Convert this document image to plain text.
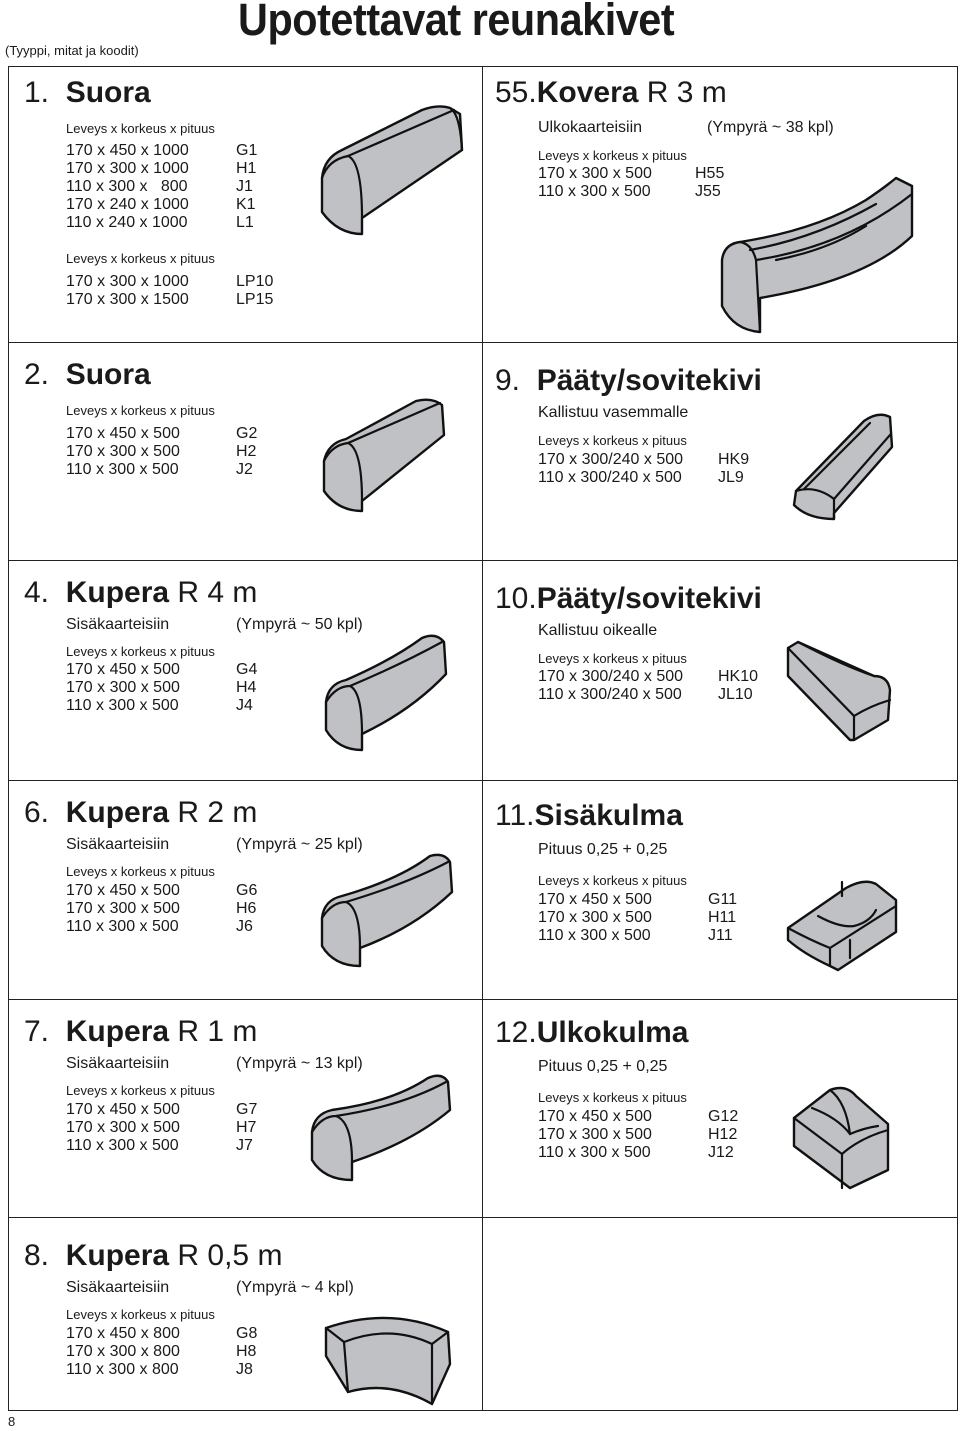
(Tyyppi, mitat ja koodit)
Upotettavat reunakivet
1. Suora
Leveys x korkeus x pituus
170 x 450 x 1000	G1
170 x 300 x 1000	H1
110 x 300 x   800	J1
170 x 240 x 1000	K1
110 x 240 x 1000	L1
Leveys x korkeus x pituus
170 x 300 x 1000	LP10
170 x 300 x 1500	LP15
55.Kovera R 3 m
Ulkokaarteisiin	(Ympyrä ~ 38 kpl)
Leveys x korkeus x pituus
170 x 300 x 500	H55
110 x 300 x 500	J55
2. Suora
Leveys x korkeus x pituus
170 x 450 x 500	G2
170 x 300 x 500	H2
110 x 300 x 500	J2
9. Pääty/sovitekivi
Kallistuu vasemmalle
Leveys x korkeus x pituus
170 x 300/240 x 500 HK9
110 x 300/240 x 500 JL9
4. Kupera R 4 m
Sisäkaarteisiin	(Ympyrä ~ 50 kpl)
Leveys x korkeus x pituus
170 x 450 x 500	G4
170 x 300 x 500	H4
110 x 300 x 500	J4
10.Pääty/sovitekivi
Kallistuu oikealle
Leveys x korkeus x pituus
170 x 300/240 x 500 HK10
110 x 300/240 x 500 JL10
6. Kupera R 2 m
Sisäkaarteisiin	(Ympyrä ~ 25 kpl)
Leveys x korkeus x pituus
170 x 450 x 500	G6
170 x 300 x 500	H6
110 x 300 x 500	J6
11.Sisäkulma
Pituus 0,25 + 0,25
Leveys x korkeus x pituus
170 x 450 x 500	G11
170 x 300 x 500	H11
110 x 300 x 500	J11
7. Kupera R 1 m
Sisäkaarteisiin	(Ympyrä ~ 13 kpl)
Leveys x korkeus x pituus
170 x 450 x 500	G7
170 x 300 x 500	H7
110 x 300 x 500	J7
12.Ulkokulma
Pituus 0,25 + 0,25
Leveys x korkeus x pituus
170 x 450 x 500	G12
170 x 300 x 500	H12
110 x 300 x 500	J12
8. Kupera R 0,5 m
Sisäkaarteisiin	(Ympyrä ~ 4 kpl)
Leveys x korkeus x pituus
170 x 450 x 800	G8
170 x 300 x 800	H8
110 x 300 x 800	J8
8
